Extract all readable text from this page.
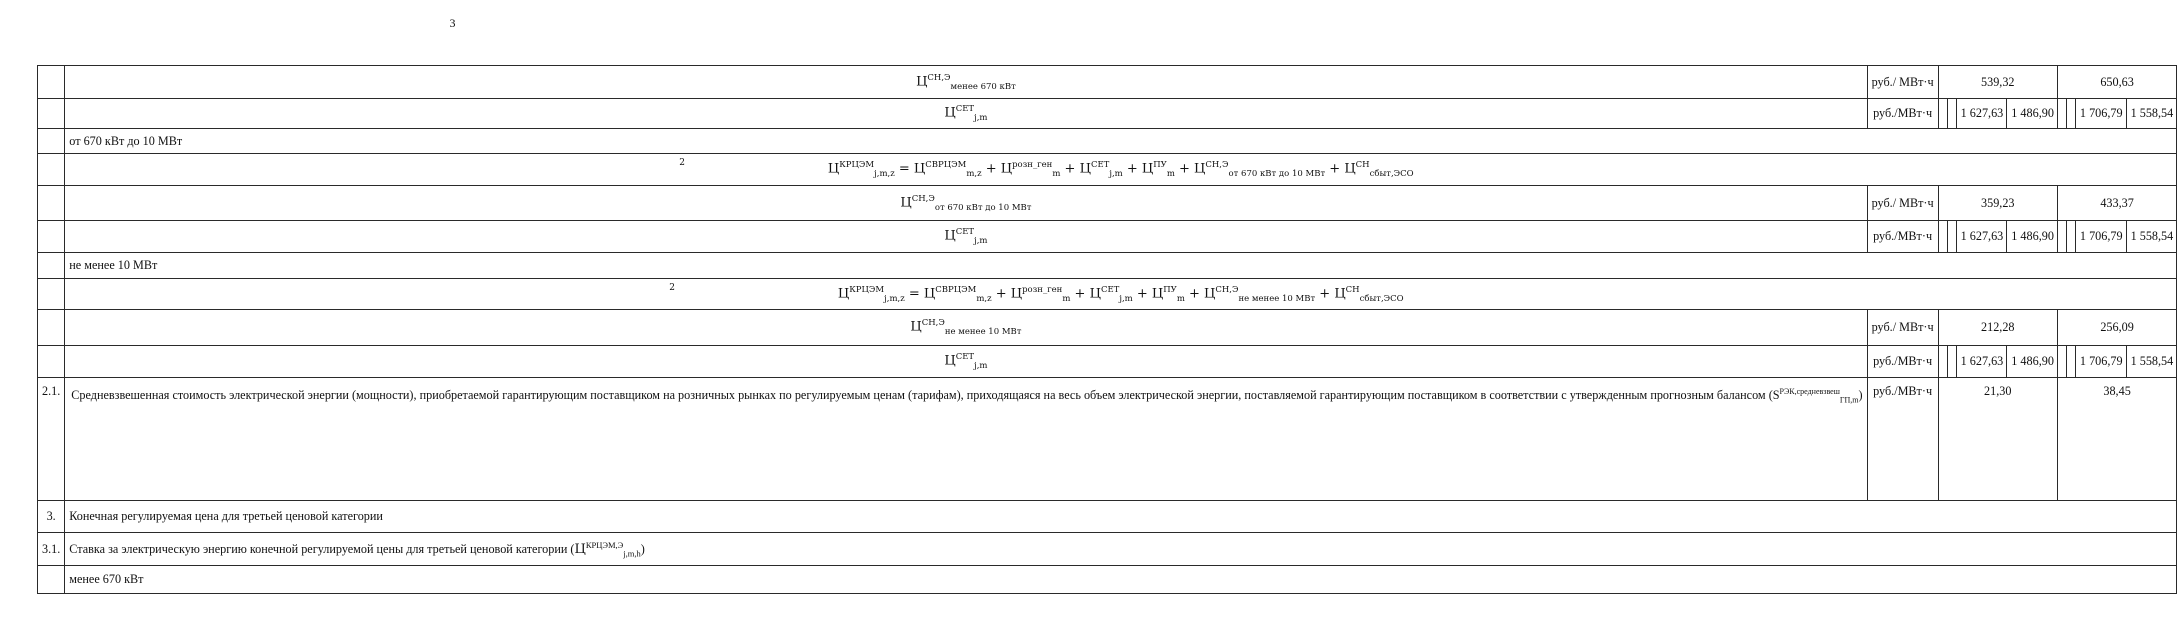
3
	$Ц^{СН,Э}_{менее 670 кВт}$	руб./ МВт·ч	539,32				650,63			
	$Ц^{СЕТ}_{j,m}$	руб./МВт·ч			1 627,63	1 486,90			1 706,79	1 558,54
	от 670 кВт до 10 МВт									
	$Ц^{КРЦЭМ}_{j,m,z} = Ц^{СВРЦЭМ}_{m,z} + Ц^{розн\_ген}_m + Ц^{СЕТ}_{j,m} + Ц^{ПУ}_m + Ц^{СН,Э}_{от 670 кВт до 10 МВт} + Ц^{СН}_{сбыт,ЭСО}$
2									

	$Ц^{СН,Э}_{от 670 кВт до 10 МВт}$	руб./ МВт·ч	359,23				433,37			
	$Ц^{СЕТ}_{j,m}$	руб./МВт·ч			1 627,63	1 486,90			1 706,79	1 558,54
	не менее 10 МВт									
	$Ц^{КРЦЭМ}_{j,m,z} = Ц^{СВРЦЭМ}_{m,z} + Ц^{розн\_ген}_m + Ц^{СЕТ}_{j,m} + Ц^{ПУ}_m + Ц^{СН,Э}_{не менее 10 МВт} + Ц^{СН}_{сбыт,ЭСО}$
2									

	$Ц^{СН,Э}_{не менее 10 МВт}$	руб./ МВт·ч	212,28				256,09			
	$Ц^{СЕТ}_{j,m}$	руб./МВт·ч			1 627,63	1 486,90			1 706,79	1 558,54
2.1.	Средневзвешенная стоимость электрической энергии (мощности), приобретаемой гарантирующим поставщиком на розничных рынках по регулируемым ценам (тарифам), приходящаяся на весь объем электрической энергии, поставляемой гарантирующим поставщиком в соответствии с утвержденным прогнозным балансом $(S^{РЭК,средневзвеш}_{ГП,m})$	руб./МВт·ч	21,30				38,45			
3.	Конечная регулируемая цена для третьей ценовой категории									
3.1.	Ставка за электрическую энергию конечной регулируемой цены для третьей ценовой категории $(Ц^{КРЦЭМ,Э}_{j,m,h})$									
	менее 670 кВт									
